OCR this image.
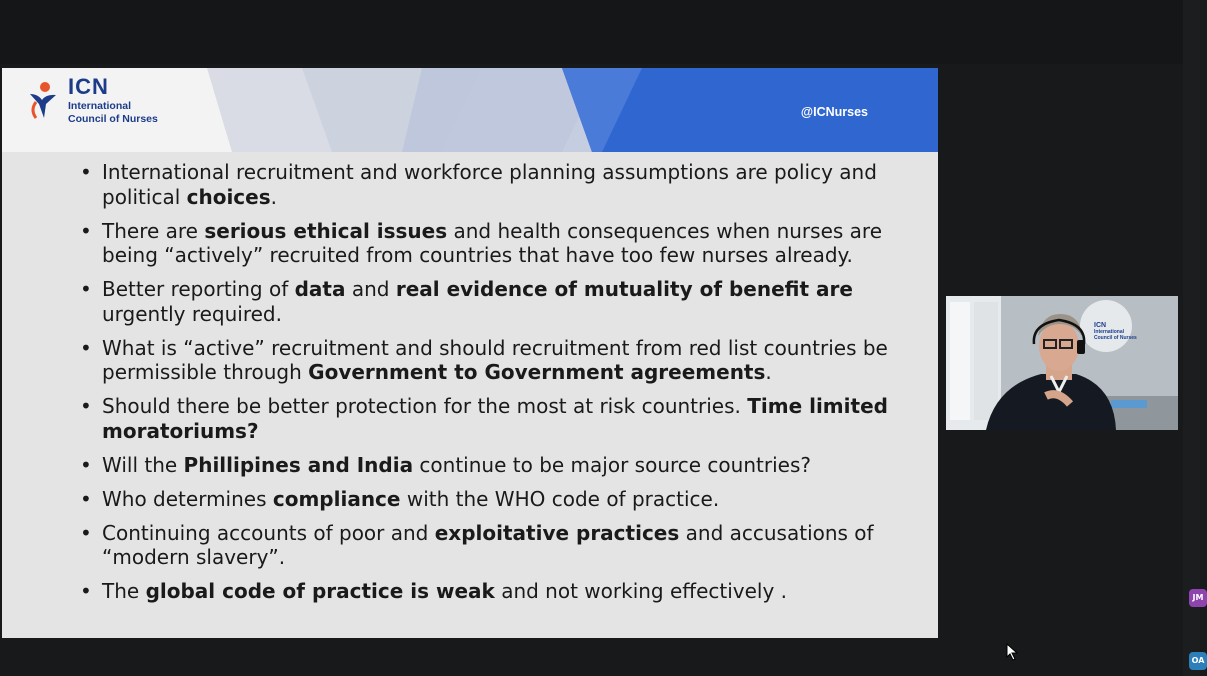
ICN
International
Council of Nurses	@ICNurses
• International recruitment and workforce planning assumptions are policy and political choices.
• There are serious ethical issues and health consequences when nurses are being “actively” recruited from countries that have too few nurses already.
• Better reporting of data and real evidence of mutuality of benefit are urgently required.
• What is “active” recruitment and should recruitment from red list countries be permissible through Government to Government agreements.
• Should there be better protection for the most at risk countries. Time limited moratoriums?
• Will the Phillipines and India continue to be major source countries?
• Who determines compliance with the WHO code of practice.
• Continuing accounts of poor and exploitative practices and accusations of “modern slavery”.
• The global code of practice is weak and not working effectively .
ICN
International
Council of Nurses
JM
OA
